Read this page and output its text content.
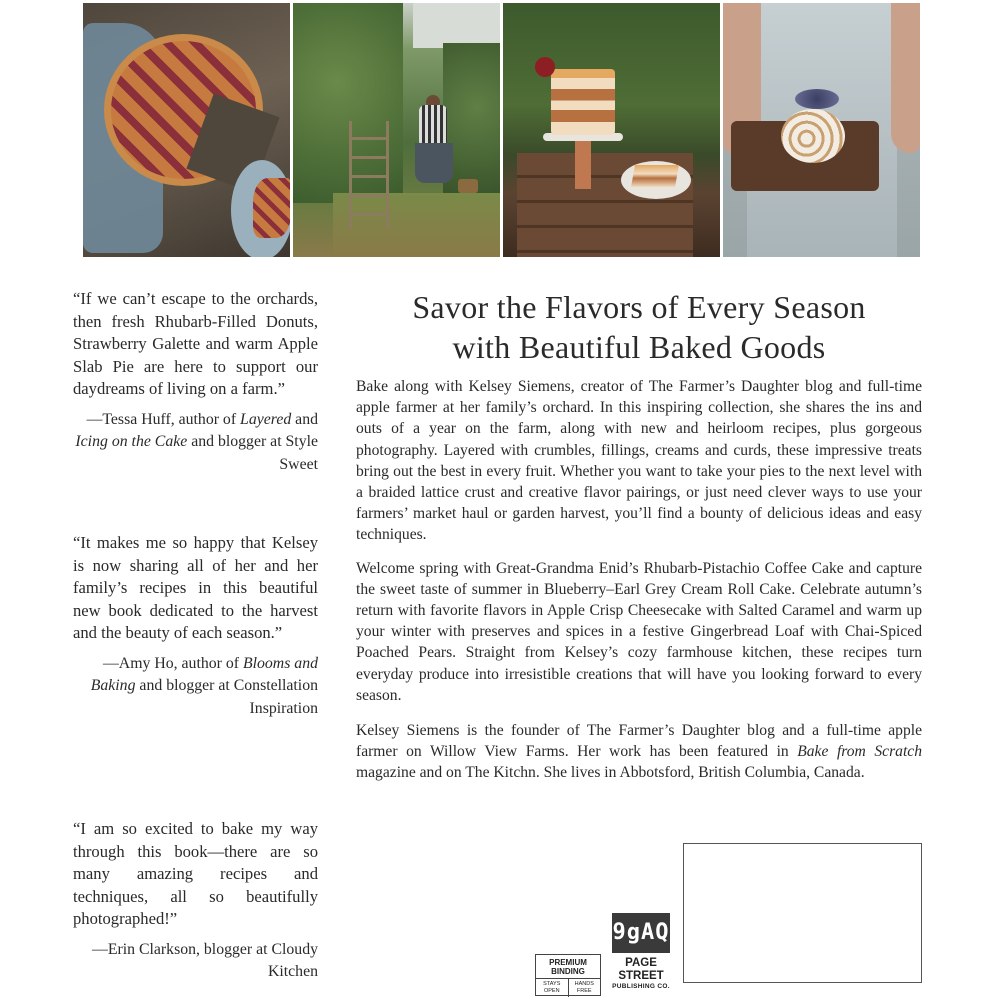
“If we can’t escape to the orchards, then fresh Rhubarb-Filled Donuts, Strawberry Galette and warm Apple Slab Pie are here to support our daydreams of living on a farm.”

—Tessa Huff, author of Layered and Icing on the Cake and blogger at Style Sweet

“It makes me so happy that Kelsey is now sharing all of her and her family’s recipes in this beautiful new book dedicated to the harvest and the beauty of each season.”

—Amy Ho, author of Blooms and Baking and blogger at Constellation Inspiration

“I am so excited to bake my way through this book—there are so many amazing recipes and techniques, all so beautifully photographed!”

—Erin Clarkson, blogger at Cloudy Kitchen

Savor the Flavors of Every Season
with Beautiful Baked Goods

Bake along with Kelsey Siemens, creator of The Farmer’s Daughter blog and full-time apple farmer at her family’s orchard. In this inspiring collection, she shares the ins and outs of a year on the farm, along with new and heirloom recipes, plus gorgeous photography. Layered with crumbles, fillings, creams and curds, these impressive treats bring out the best in every fruit. Whether you want to take your pies to the next level with a braided lattice crust and creative flavor pairings, or just need clever ways to use your farmers’ market haul or garden harvest, you’ll find a bounty of delicious ideas and easy techniques.

Welcome spring with Great-Grandma Enid’s Rhubarb-Pistachio Coffee Cake and capture the sweet taste of summer in Blueberry–Earl Grey Cream Roll Cake. Celebrate autumn’s return with favorite flavors in Apple Crisp Cheesecake with Salted Caramel and warm up your winter with preserves and spices in a festive Gingerbread Loaf with Chai-Spiced Poached Pears. Straight from Kelsey’s cozy farmhouse kitchen, these recipes turn everyday produce into irresistible creations that will have you looking forward to every season.

Kelsey Siemens is the founder of The Farmer’s Daughter blog and a full-time apple farmer on Willow View Farms. Her work has been featured in Bake from Scratch magazine and on The Kitchn. She lives in Abbotsford, British Columbia, Canada.

PREMIUM
BINDING
STAYS OPEN
HANDS FREE
9gAQ
PAGE STREET
PUBLISHING CO.
